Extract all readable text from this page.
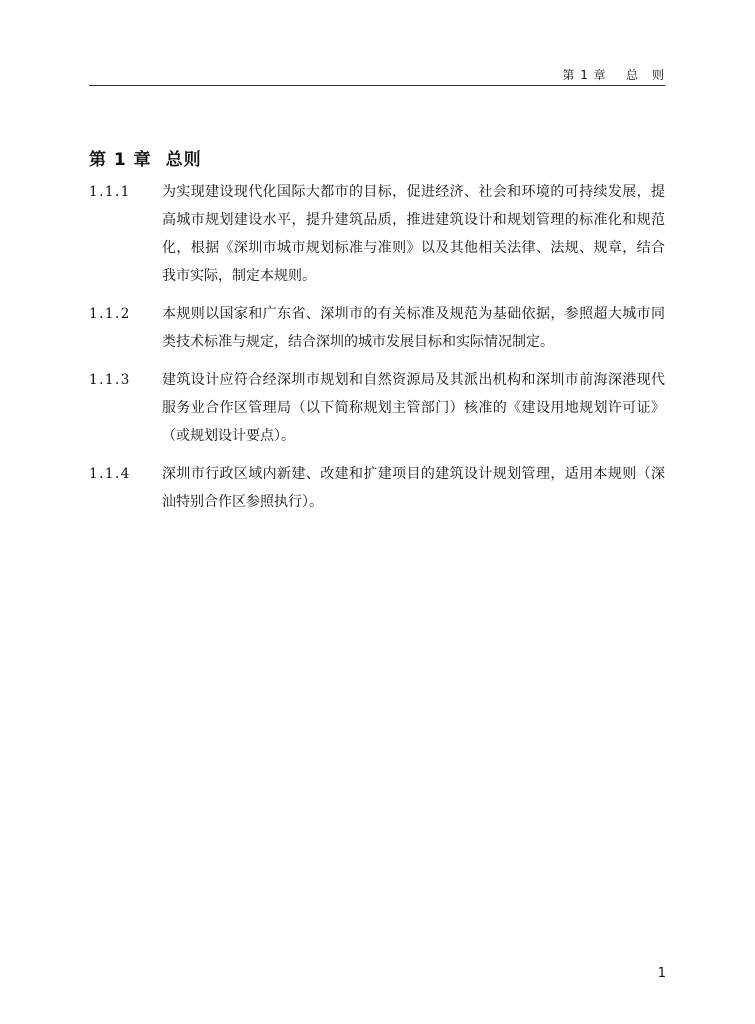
第 1 章 总　则
第 1 章 总则
1.1.1	为实现建设现代化国际大都市的目标，促进经济、社会和环境的可持续发展，提高城市规划建设水平，提升建筑品质，推进建筑设计和规划管理的标准化和规范化，根据《深圳市城市规划标准与准则》以及其他相关法律、法规、规章，结合我市实际，制定本规则。
1.1.2	本规则以国家和广东省、深圳市的有关标准及规范为基础依据，参照超大城市同类技术标准与规定，结合深圳的城市发展目标和实际情况制定。
1.1.3	建筑设计应符合经深圳市规划和自然资源局及其派出机构和深圳市前海深港现代服务业合作区管理局（以下简称规划主管部门）核准的《建设用地规划许可证》（或规划设计要点）。
1.1.4	深圳市行政区域内新建、改建和扩建项目的建筑设计规划管理，适用本规则（深汕特别合作区参照执行）。
1
